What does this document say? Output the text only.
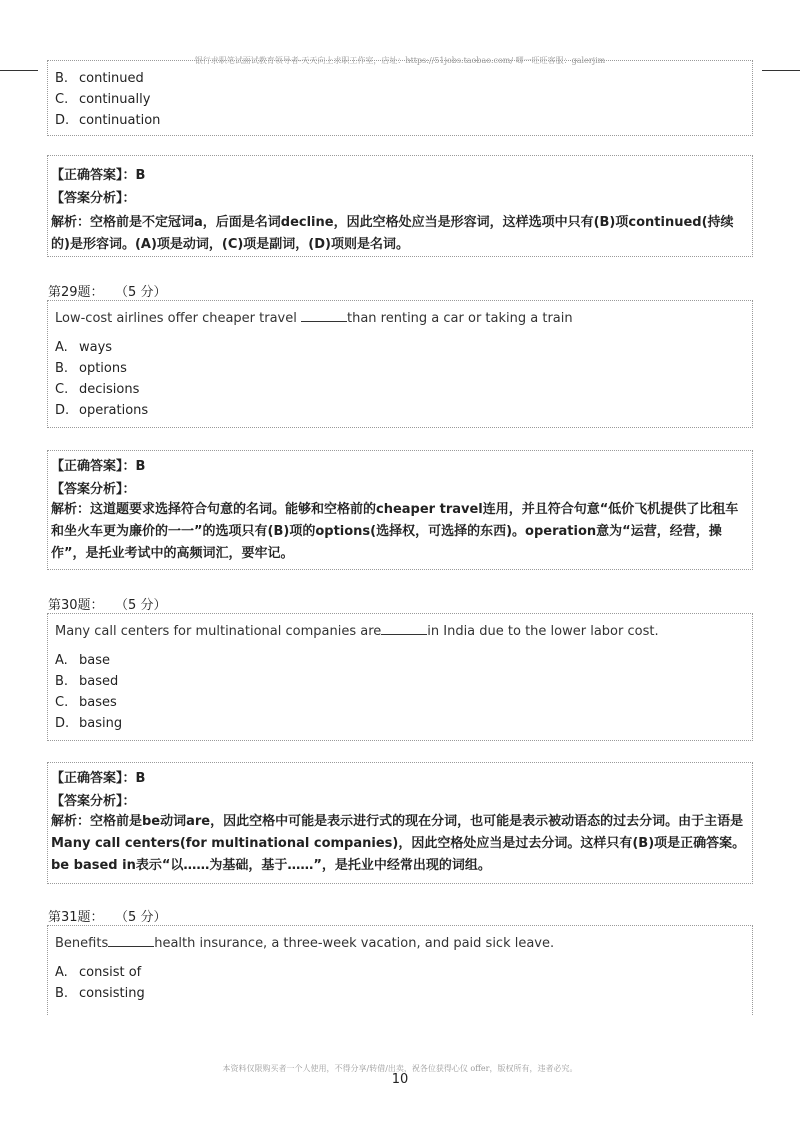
银行求职笔试面试教育领导者-天天向上求职工作室，店址：https://51jobs.taobao.com/ 唧一旺旺客服：galerjim
B. continued
C. continually
D. continuation
【正确答案】：B
【答案分析】：
解析：空格前是不定冠词a，后面是名词decline，因此空格处应当是形容词，这样选项中只有(B)项continued(持续的)是形容词。(A)项是动词，(C)项是副词，(D)项则是名词。
第29题： （5 分）
Low-cost airlines offer cheaper travel	than renting a car or taking a train
A. ways
B. options
C. decisions
D. operations
【正确答案】：B
【答案分析】：
解析：这道题要求选择符合句意的名词。能够和空格前的cheaper travel连用，并且符合句意“低价飞机提供了比租车和坐火车更为廉价的一一”的选项只有(B)项的options(选择权，可选择的东西)。operation意为“运营，经营，操作”，是托业考试中的高频词汇，要牢记。
第30题： （5 分）
Many call centers for multinational companies are	in India due to the lower labor cost.
A. base
B. based
C. bases
D. basing
【正确答案】：B
【答案分析】：
解析：空格前是be动词are，因此空格中可能是表示进行式的现在分词，也可能是表示被动语态的过去分词。由于主语是Many call centers(for multinational companies)，因此空格处应当是过去分词。这样只有(B)项是正确答案。be based in表示“以……为基础，基于……”，是托业中经常出现的词组。
第31题： （5 分）
Benefits	health insurance, a three-week vacation, and paid sick leave.
A. consist of
B. consisting
本资料仅限购买者一个人使用，不得分享/转借/出卖，祝各位获得心仪 offer，版权所有，违者必究。
10
